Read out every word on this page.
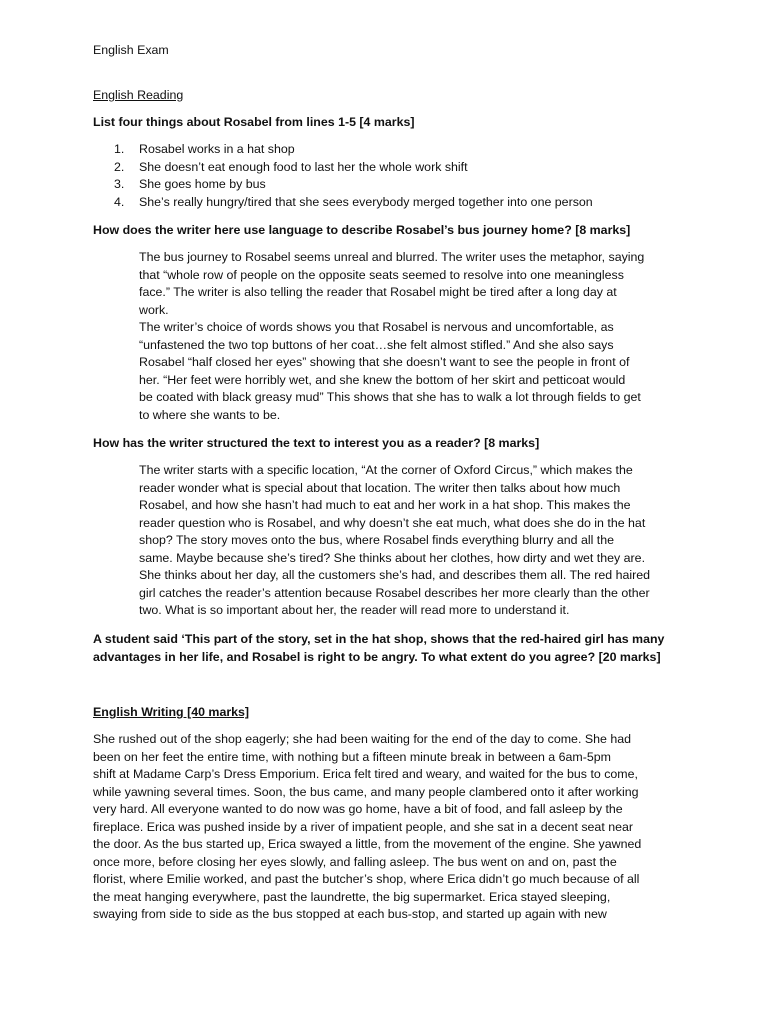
English Exam
English Reading
List four things about Rosabel from lines 1-5 [4 marks]
1. Rosabel works in a hat shop
2. She doesn’t eat enough food to last her the whole work shift
3. She goes home by bus
4. She’s really hungry/tired that she sees everybody merged together into one person
How does the writer here use language to describe Rosabel’s bus journey home? [8 marks]
The bus journey to Rosabel seems unreal and blurred. The writer uses the metaphor, saying
that “whole row of people on the opposite seats seemed to resolve into one meaningless
face.” The writer is also telling the reader that Rosabel might be tired after a long day at
work.
The writer’s choice of words shows you that Rosabel is nervous and uncomfortable, as
“unfastened the two top buttons of her coat…she felt almost stifled.” And she also says
Rosabel “half closed her eyes” showing that she doesn’t want to see the people in front of
her. “Her feet were horribly wet, and she knew the bottom of her skirt and petticoat would
be coated with black greasy mud” This shows that she has to walk a lot through fields to get
to where she wants to be.
How has the writer structured the text to interest you as a reader? [8 marks]
The writer starts with a specific location, “At the corner of Oxford Circus,” which makes the
reader wonder what is special about that location. The writer then talks about how much
Rosabel, and how she hasn’t had much to eat and her work in a hat shop. This makes the
reader question who is Rosabel, and why doesn’t she eat much, what does she do in the hat
shop? The story moves onto the bus, where Rosabel finds everything blurry and all the
same. Maybe because she’s tired? She thinks about her clothes, how dirty and wet they are.
She thinks about her day, all the customers she’s had, and describes them all. The red haired
girl catches the reader’s attention because Rosabel describes her more clearly than the other
two. What is so important about her, the reader will read more to understand it.
A student said ‘This part of the story, set in the hat shop, shows that the red-haired girl has many
advantages in her life, and Rosabel is right to be angry. To what extent do you agree? [20 marks]
English Writing [40 marks]
She rushed out of the shop eagerly; she had been waiting for the end of the day to come. She had
been on her feet the entire time, with nothing but a fifteen minute break in between a 6am-5pm
shift at Madame Carp’s Dress Emporium. Erica felt tired and weary, and waited for the bus to come,
while yawning several times. Soon, the bus came, and many people clambered onto it after working
very hard. All everyone wanted to do now was go home, have a bit of food, and fall asleep by the
fireplace. Erica was pushed inside by a river of impatient people, and she sat in a decent seat near
the door. As the bus started up, Erica swayed a little, from the movement of the engine. She yawned
once more, before closing her eyes slowly, and falling asleep. The bus went on and on, past the
florist, where Emilie worked, and past the butcher’s shop, where Erica didn’t go much because of all
the meat hanging everywhere, past the laundrette, the big supermarket. Erica stayed sleeping,
swaying from side to side as the bus stopped at each bus-stop, and started up again with new
